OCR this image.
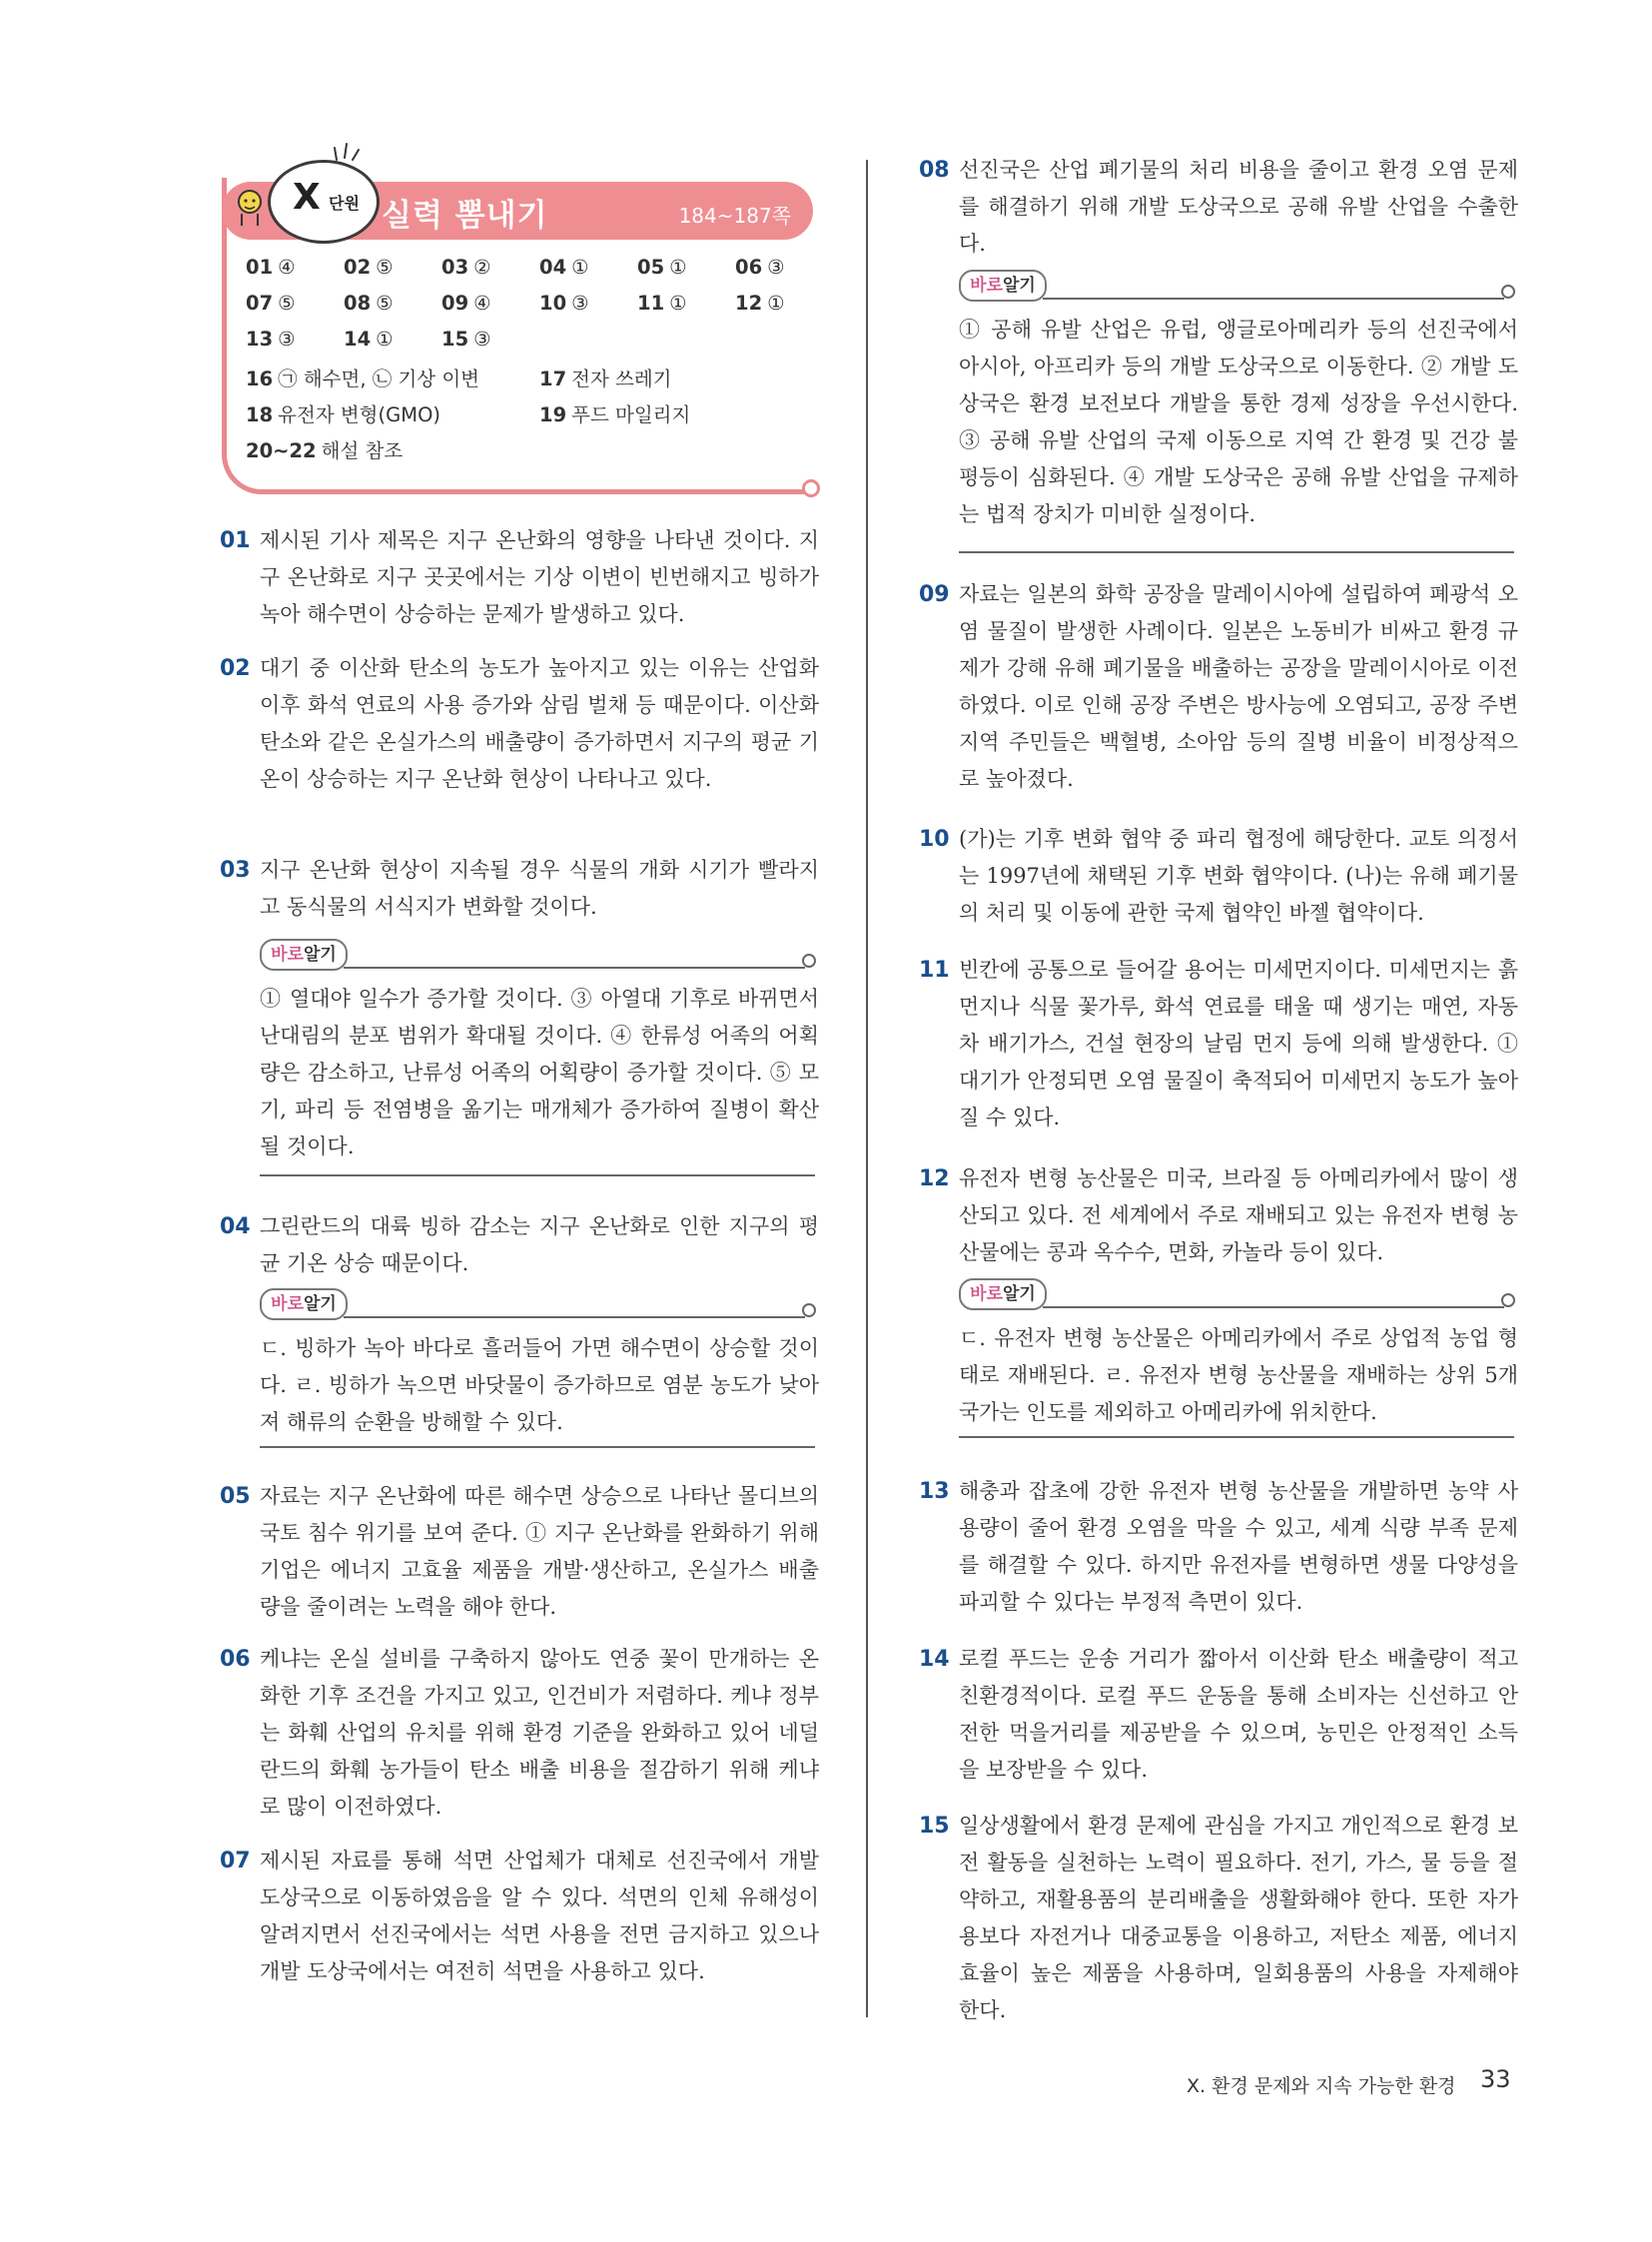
실력 뽐내기	184~187쪽
X 단원
01 ④ 02 ⑤ 03 ② 04 ① 05 ① 06 ③
07 ⑤ 08 ⑤ 09 ④ 10 ③ 11 ① 12 ①
13 ③ 14 ① 15 ③
16 ㉠ 해수면, ㉡ 기상 이변	17 전자 쓰레기
18 유전자 변형(GMO)	19 푸드 마일리지
20~22 해설 참조
01 제시된 기사 제목은 지구 온난화의 영향을 나타낸 것이다. 지구 온난화로 지구 곳곳에서는 기상 이변이 빈번해지고 빙하가 녹아 해수면이 상승하는 문제가 발생하고 있다.
02 대기 중 이산화 탄소의 농도가 높아지고 있는 이유는 산업화 이후 화석 연료의 사용 증가와 삼림 벌채 등 때문이다. 이산화 탄소와 같은 온실가스의 배출량이 증가하면서 지구의 평균 기온이 상승하는 지구 온난화 현상이 나타나고 있다.
03 지구 온난화 현상이 지속될 경우 식물의 개화 시기가 빨라지고 동식물의 서식지가 변화할 것이다.
바로알기
① 열대야 일수가 증가할 것이다. ③ 아열대 기후로 바뀌면서 난대림의 분포 범위가 확대될 것이다. ④ 한류성 어족의 어획량은 감소하고, 난류성 어족의 어획량이 증가할 것이다. ⑤ 모기, 파리 등 전염병을 옮기는 매개체가 증가하여 질병이 확산될 것이다.
04 그린란드의 대륙 빙하 감소는 지구 온난화로 인한 지구의 평균 기온 상승 때문이다.
바로알기
ㄷ. 빙하가 녹아 바다로 흘러들어 가면 해수면이 상승할 것이다. ㄹ. 빙하가 녹으면 바닷물이 증가하므로 염분 농도가 낮아져 해류의 순환을 방해할 수 있다.
05 자료는 지구 온난화에 따른 해수면 상승으로 나타난 몰디브의 국토 침수 위기를 보여 준다. ① 지구 온난화를 완화하기 위해 기업은 에너지 고효율 제품을 개발·생산하고, 온실가스 배출량을 줄이려는 노력을 해야 한다.
06 케냐는 온실 설비를 구축하지 않아도 연중 꽃이 만개하는 온화한 기후 조건을 가지고 있고, 인건비가 저렴하다. 케냐 정부는 화훼 산업의 유치를 위해 환경 기준을 완화하고 있어 네덜란드의 화훼 농가들이 탄소 배출 비용을 절감하기 위해 케냐로 많이 이전하였다.
07 제시된 자료를 통해 석면 산업체가 대체로 선진국에서 개발 도상국으로 이동하였음을 알 수 있다. 석면의 인체 유해성이 알려지면서 선진국에서는 석면 사용을 전면 금지하고 있으나 개발 도상국에서는 여전히 석면을 사용하고 있다.
08 선진국은 산업 폐기물의 처리 비용을 줄이고 환경 오염 문제를 해결하기 위해 개발 도상국으로 공해 유발 산업을 수출한다.
바로알기
① 공해 유발 산업은 유럽, 앵글로아메리카 등의 선진국에서 아시아, 아프리카 등의 개발 도상국으로 이동한다. ② 개발 도상국은 환경 보전보다 개발을 통한 경제 성장을 우선시한다. ③ 공해 유발 산업의 국제 이동으로 지역 간 환경 및 건강 불평등이 심화된다. ④ 개발 도상국은 공해 유발 산업을 규제하는 법적 장치가 미비한 실정이다.
09 자료는 일본의 화학 공장을 말레이시아에 설립하여 폐광석 오염 물질이 발생한 사례이다. 일본은 노동비가 비싸고 환경 규제가 강해 유해 폐기물을 배출하는 공장을 말레이시아로 이전하였다. 이로 인해 공장 주변은 방사능에 오염되고, 공장 주변 지역 주민들은 백혈병, 소아암 등의 질병 비율이 비정상적으로 높아졌다.
10 (가)는 기후 변화 협약 중 파리 협정에 해당한다. 교토 의정서는 1997년에 채택된 기후 변화 협약이다. (나)는 유해 폐기물의 처리 및 이동에 관한 국제 협약인 바젤 협약이다.
11 빈칸에 공통으로 들어갈 용어는 미세먼지이다. 미세먼지는 흙먼지나 식물 꽃가루, 화석 연료를 태울 때 생기는 매연, 자동차 배기가스, 건설 현장의 날림 먼지 등에 의해 발생한다. ① 대기가 안정되면 오염 물질이 축적되어 미세먼지 농도가 높아질 수 있다.
12 유전자 변형 농산물은 미국, 브라질 등 아메리카에서 많이 생산되고 있다. 전 세계에서 주로 재배되고 있는 유전자 변형 농산물에는 콩과 옥수수, 면화, 카놀라 등이 있다.
바로알기
ㄷ. 유전자 변형 농산물은 아메리카에서 주로 상업적 농업 형태로 재배된다. ㄹ. 유전자 변형 농산물을 재배하는 상위 5개 국가는 인도를 제외하고 아메리카에 위치한다.
13 해충과 잡초에 강한 유전자 변형 농산물을 개발하면 농약 사용량이 줄어 환경 오염을 막을 수 있고, 세계 식량 부족 문제를 해결할 수 있다. 하지만 유전자를 변형하면 생물 다양성을 파괴할 수 있다는 부정적 측면이 있다.
14 로컬 푸드는 운송 거리가 짧아서 이산화 탄소 배출량이 적고 친환경적이다. 로컬 푸드 운동을 통해 소비자는 신선하고 안전한 먹을거리를 제공받을 수 있으며, 농민은 안정적인 소득을 보장받을 수 있다.
15 일상생활에서 환경 문제에 관심을 가지고 개인적으로 환경 보전 활동을 실천하는 노력이 필요하다. 전기, 가스, 물 등을 절약하고, 재활용품의 분리배출을 생활화해야 한다. 또한 자가용보다 자전거나 대중교통을 이용하고, 저탄소 제품, 에너지 효율이 높은 제품을 사용하며, 일회용품의 사용을 자제해야 한다.
X. 환경 문제와 지속 가능한 환경 33
